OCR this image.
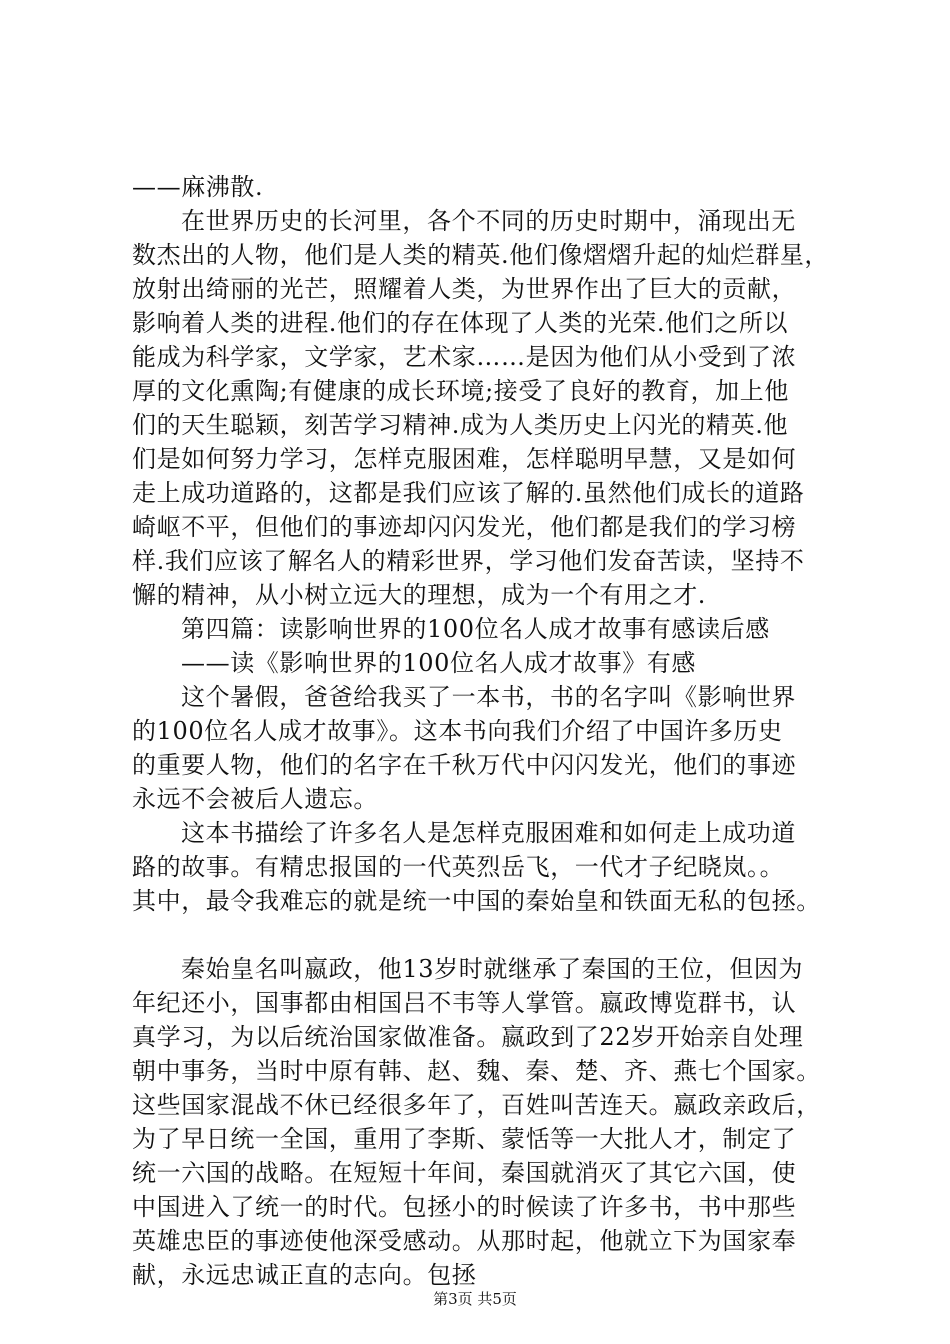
——麻沸散.
在世界历史的长河里，各个不同的历史时期中，涌现出无
数杰出的人物，他们是人类的精英.他们像熠熠升起的灿烂群星，
放射出绮丽的光芒，照耀着人类，为世界作出了巨大的贡献，
影响着人类的进程.他们的存在体现了人类的光荣.他们之所以
能成为科学家，文学家，艺术家……是因为他们从小受到了浓
厚的文化熏陶;有健康的成长环境;接受了良好的教育，加上他
们的天生聪颖，刻苦学习精神.成为人类历史上闪光的精英.他
们是如何努力学习，怎样克服困难，怎样聪明早慧，又是如何
走上成功道路的，这都是我们应该了解的.虽然他们成长的道路
崎岖不平，但他们的事迹却闪闪发光，他们都是我们的学习榜
样.我们应该了解名人的精彩世界，学习他们发奋苦读，坚持不
懈的精神，从小树立远大的理想，成为一个有用之才.
第四篇：读影响世界的100位名人成才故事有感读后感
——读《影响世界的100位名人成才故事》有感
这个暑假，爸爸给我买了一本书，书的名字叫《影响世界
的100位名人成才故事》。这本书向我们介绍了中国许多历史
的重要人物，他们的名字在千秋万代中闪闪发光，他们的事迹
永远不会被后人遗忘。
这本书描绘了许多名人是怎样克服困难和如何走上成功道
路的故事。有精忠报国的一代英烈岳飞，一代才子纪晓岚。。
其中，最令我难忘的就是统一中国的秦始皇和铁面无私的包拯。
秦始皇名叫嬴政，他13岁时就继承了秦国的王位，但因为
年纪还小，国事都由相国吕不韦等人掌管。嬴政博览群书，认
真学习，为以后统治国家做准备。嬴政到了22岁开始亲自处理
朝中事务，当时中原有韩、赵、魏、秦、楚、齐、燕七个国家。
这些国家混战不休已经很多年了，百姓叫苦连天。嬴政亲政后，
为了早日统一全国，重用了李斯、蒙恬等一大批人才，制定了
统一六国的战略。在短短十年间，秦国就消灭了其它六国，使
中国进入了统一的时代。包拯小的时候读了许多书，书中那些
英雄忠臣的事迹使他深受感动。从那时起，他就立下为国家奉
献，永远忠诚正直的志向。包拯
第3页 共5页
